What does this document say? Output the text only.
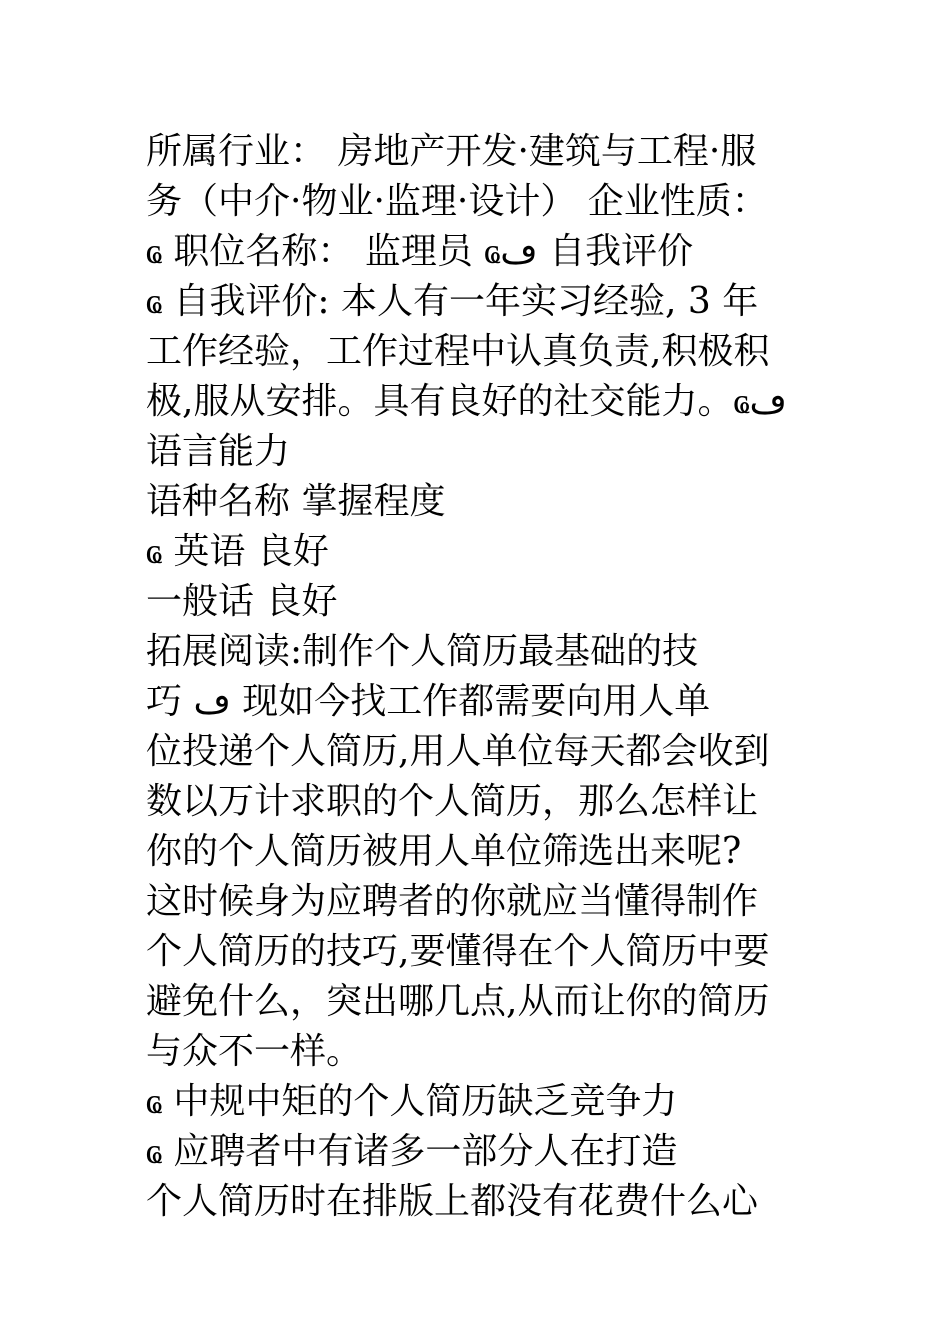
所属行业： 房地产开发·建筑与工程·服
务（中介·物业·监理·设计） 企业性质：
ҩ 职位名称： 监理员 ҩڡ 自我评价
ҩ 自我评价: 本人有一年实习经验, 3 年
工作经验，工作过程中认真负责,积极积
极,服从安排。具有良好的社交能力。ҩڡ
语言能力
语种名称 掌握程度
ҩ 英语 良好
一般话 良好
拓展阅读:制作个人简历最基础的技
巧 ڡ 现如今找工作都需要向用人单
位投递个人简历,用人单位每天都会收到
数以万计求职的个人简历，那么怎样让
你的个人简历被用人单位筛选出来呢?
这时候身为应聘者的你就应当懂得制作
个人简历的技巧,要懂得在个人简历中要
避免什么，突出哪几点,从而让你的简历
与众不一样。
ҩ 中规中矩的个人简历缺乏竞争力
ҩ 应聘者中有诸多一部分人在打造
个人简历时在排版上都没有花费什么心
